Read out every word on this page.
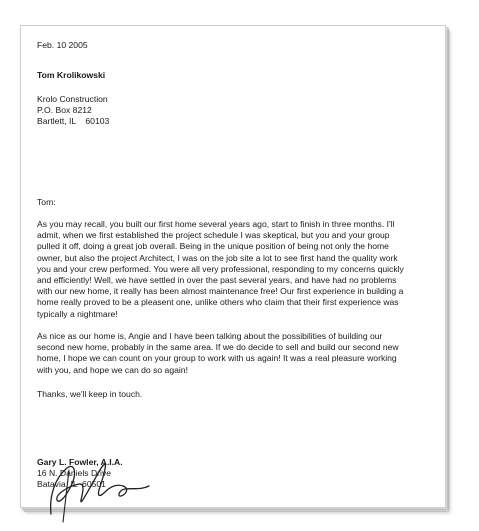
Feb. 10 2005
Tom Krolikowski
Krolo Construction
P.O. Box 8212
Bartlett, IL    60103
Tom:
As you may recall, you built our first home several years ago, start to finish in three months. I'll
admit, when we first established the project schedule I was skeptical, but you and your group
pulled it off, doing a great job overall. Being in the unique position of being not only the home
owner, but also the project Architect, I was on the job site a lot to see first hand the quality work
you and your crew performed. You were all very professional, responding to my concerns quickly
and efficiently! Well, we have settled in over the past several years, and have had no problems
with our new home, it really has been almost maintenance free! Our first experience in building a
home really proved to be a pleasent one, unlike others who claim that their first experience was
typically a nightmare!
As nice as our home is, Angie and I have been talking about the possibilities of building our
second new home, probably in the same area. If we do decide to sell and build our second new
home, I hope we can count on your group to work with us again! It was a real pleasure working
with you, and hope we can do so again!
Thanks, we'll keep in touch.
Gary L. Fowler, A.I.A.
16 N. Daniels Drive
Batavia, IL  60501
